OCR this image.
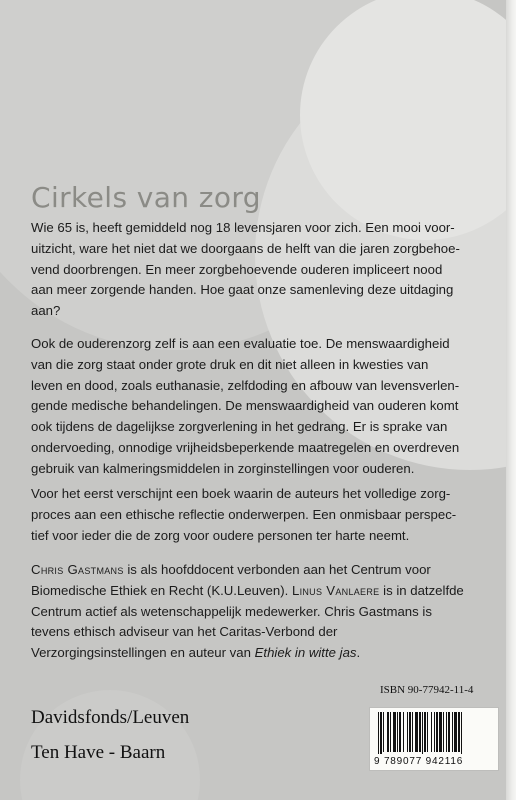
Cirkels van zorg
Wie 65 is, heeft gemiddeld nog 18 levensjaren voor zich. Een mooi voor-
uitzicht, ware het niet dat we doorgaans de helft van die jaren zorgbehoe-
vend doorbrengen. En meer zorgbehoevende ouderen impliceert nood
aan meer zorgende handen. Hoe gaat onze samenleving deze uitdaging
aan?
Ook de ouderenzorg zelf is aan een evaluatie toe. De menswaardigheid
van die zorg staat onder grote druk en dit niet alleen in kwesties van
leven en dood, zoals euthanasie, zelfdoding en afbouw van levensverlen-
gende medische behandelingen. De menswaardigheid van ouderen komt
ook tijdens de dagelijkse zorgverlening in het gedrang. Er is sprake van
ondervoeding, onnodige vrijheidsbeperkende maatregelen en overdreven
gebruik van kalmeringsmiddelen in zorginstellingen voor ouderen.
Voor het eerst verschijnt een boek waarin de auteurs het volledige zorg-
proces aan een ethische reflectie onderwerpen. Een onmisbaar perspec-
tief voor ieder die de zorg voor oudere personen ter harte neemt.
Chris Gastmans is als hoofddocent verbonden aan het Centrum voor
Biomedische Ethiek en Recht (K.U.Leuven). Linus Vanlaere is in datzelfde
Centrum actief als wetenschappelijk medewerker. Chris Gastmans is
tevens ethisch adviseur van het Caritas-Verbond der
Verzorgingsinstellingen en auteur van Ethiek in witte jas.
Davidsfonds/Leuven
Ten Have - Baarn
ISBN 90-77942-11-4
9 789077 942116
